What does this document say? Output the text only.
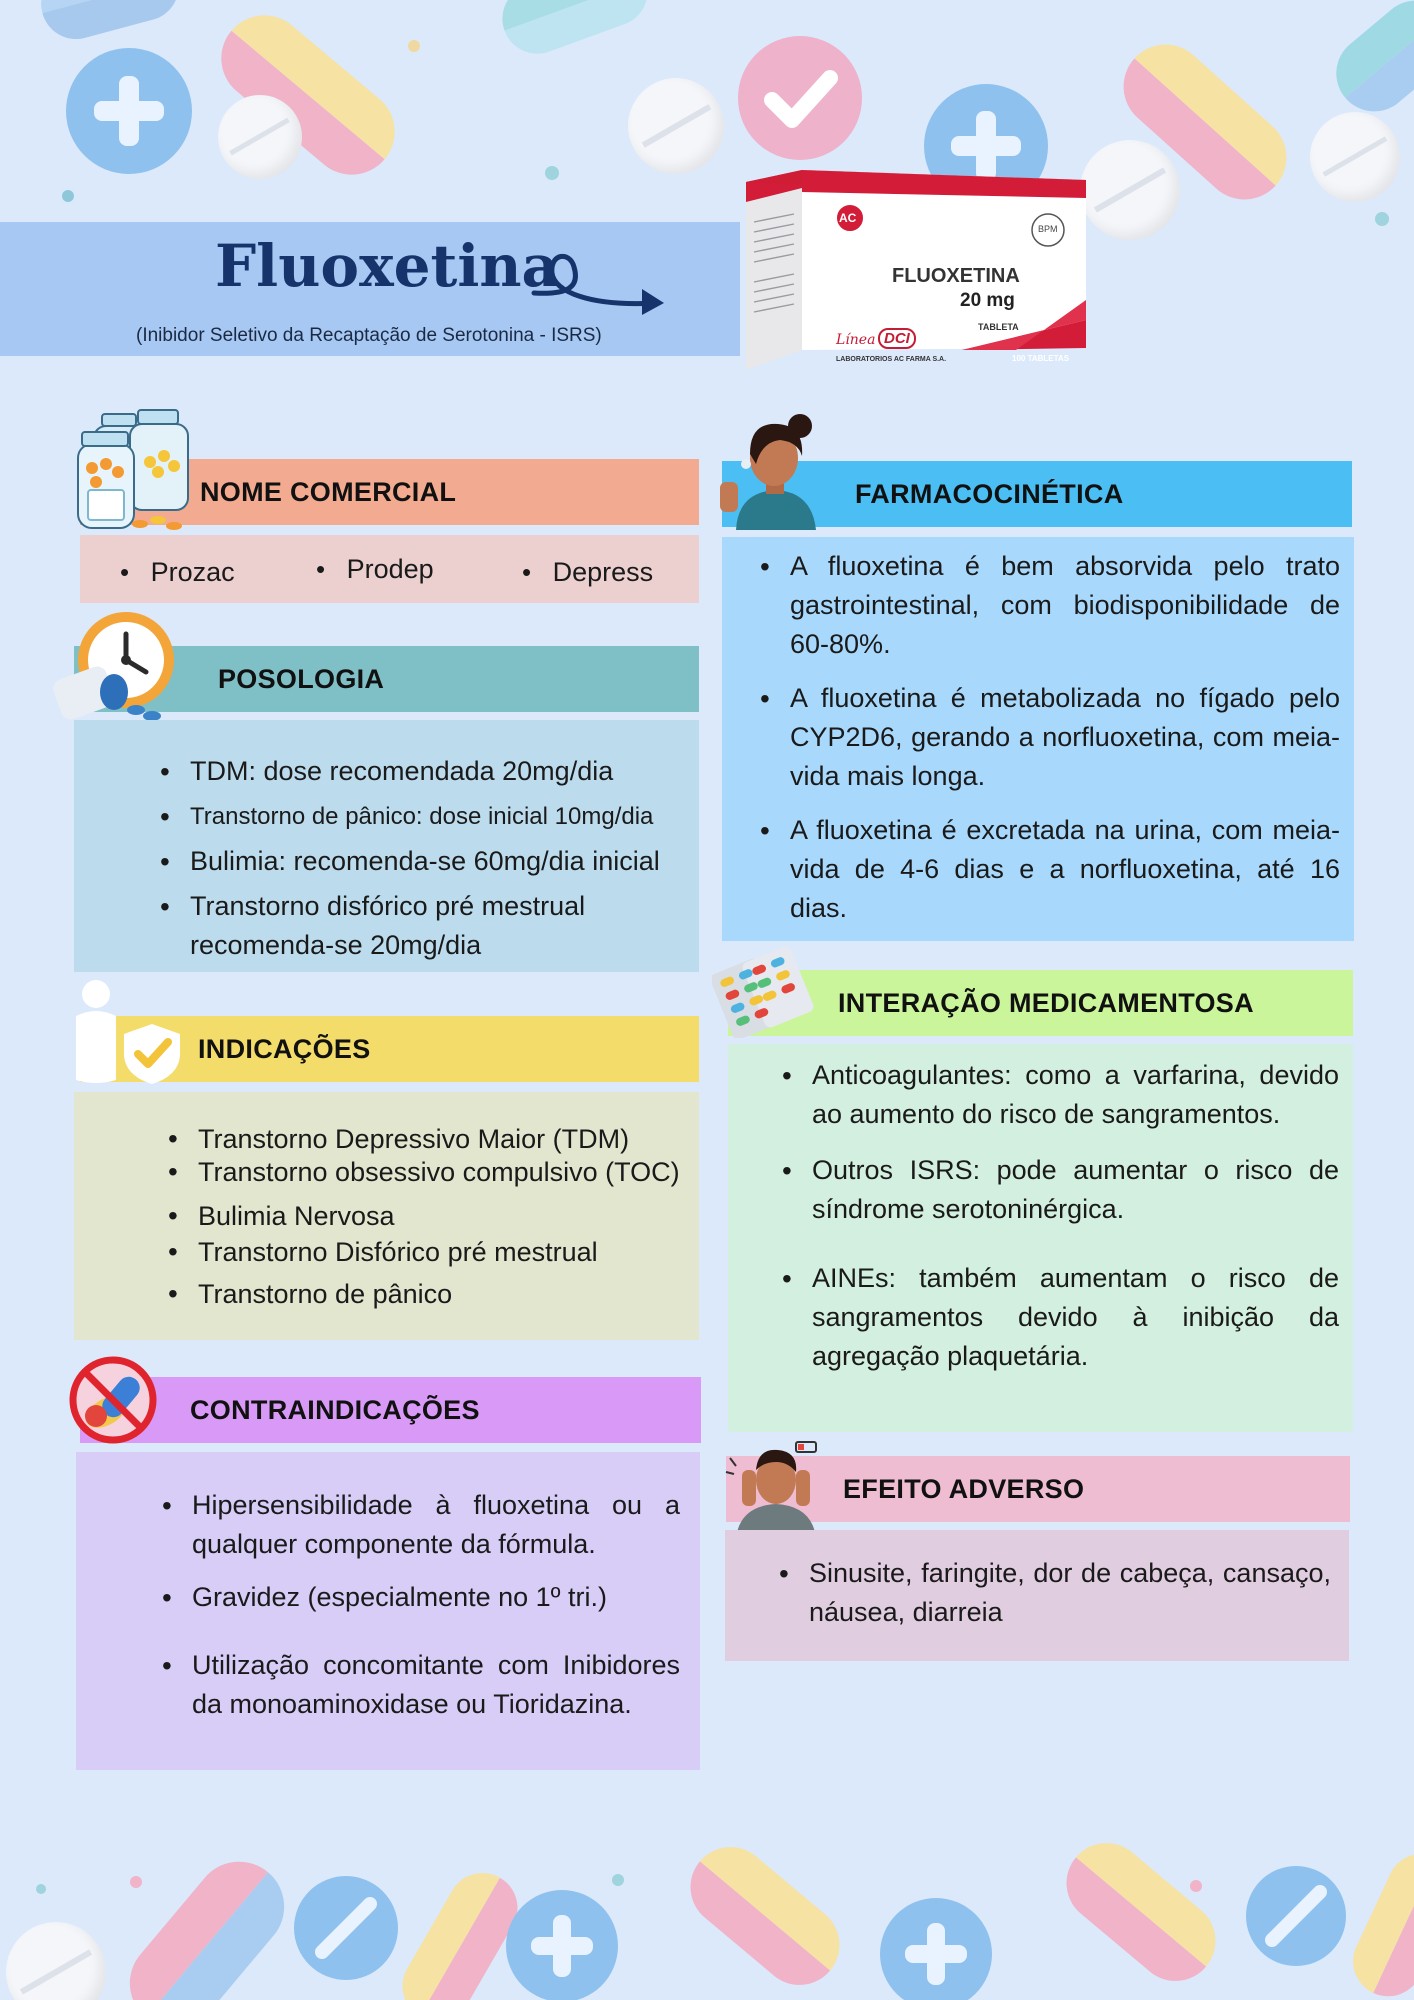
Fluoxetina
(Inibidor Seletivo da Recaptação de Serotonina - ISRS)
AC
BPM
FLUOXETINA
20 mg
TABLETA
Línea DCI
LABORATORIOS AC FARMA S.A.	100 TABLETAS
NOME COMERCIAL
• Prozac	• Prodep	• Depress
POSOLOGIA
• TDM: dose recomendada 20mg/dia
• Transtorno de pânico: dose inicial 10mg/dia
• Bulimia: recomenda-se 60mg/dia inicial
• Transtorno disfórico pré mestrual recomenda-se 20mg/dia
INDICAÇÕES
• Transtorno Depressivo Maior (TDM)
• Transtorno obsessivo compulsivo (TOC)
• Bulimia Nervosa
• Transtorno Disfórico pré mestrual
• Transtorno de pânico
CONTRAINDICAÇÕES
• Hipersensibilidade à fluoxetina ou a qualquer componente da fórmula.
• Gravidez (especialmente no 1º tri.)
• Utilização concomitante com Inibidores da monoaminoxidase ou Tioridazina.
FARMACOCINÉTICA
• A fluoxetina é bem absorvida pelo trato gastrointestinal, com biodisponibilidade de 60-80%.
• A fluoxetina é metabolizada no fígado pelo CYP2D6, gerando a norfluoxetina, com meia-vida mais longa.
• A fluoxetina é excretada na urina, com meia-vida de 4-6 dias e a norfluoxetina, até 16 dias.
INTERAÇÃO MEDICAMENTOSA
• Anticoagulantes: como a varfarina, devido ao aumento do risco de sangramentos.
• Outros ISRS: pode aumentar o risco de síndrome serotoninérgica.
• AINEs: também aumentam o risco de sangramentos devido à inibição da agregação plaquetária.
EFEITO ADVERSO
• Sinusite, faringite, dor de cabeça, cansaço, náusea, diarreia
